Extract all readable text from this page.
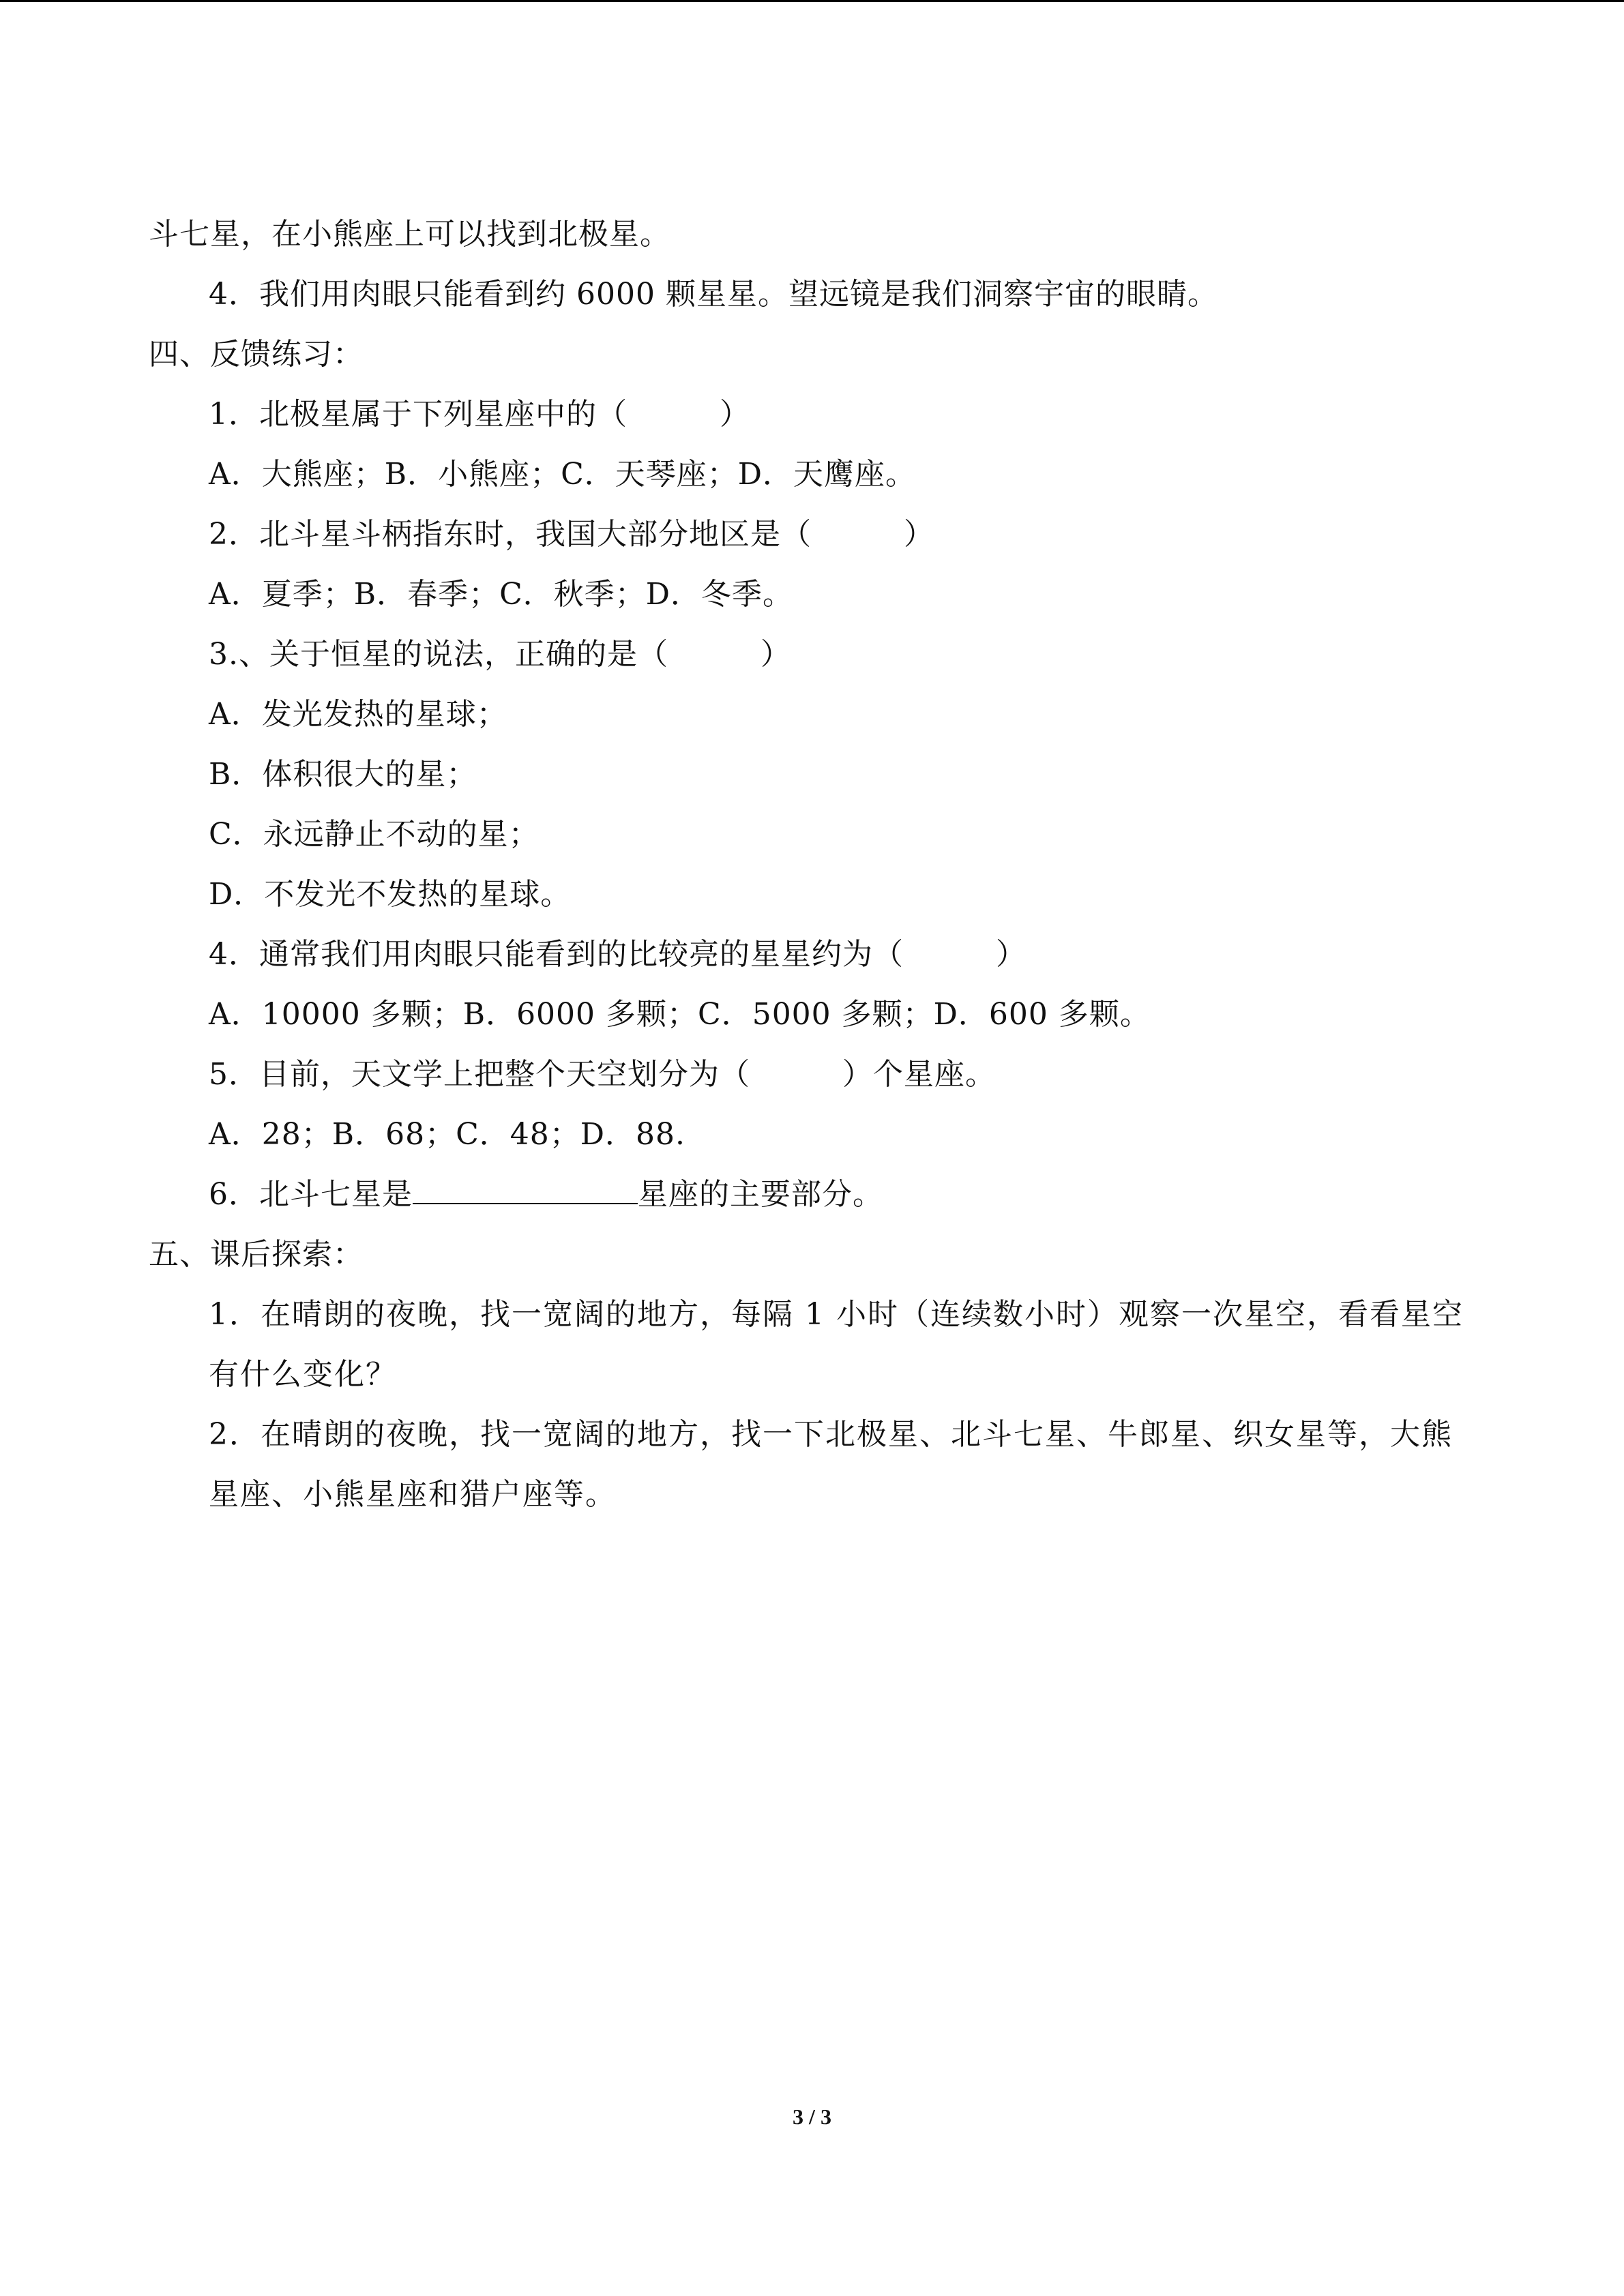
斗七星，在小熊座上可以找到北极星。
4．我们用肉眼只能看到约 6000 颗星星。望远镜是我们洞察宇宙的眼睛。
四、反馈练习：
1．北极星属于下列星座中的（　　　）
A．大熊座；B．小熊座；C．天琴座；D．天鹰座。
2．北斗星斗柄指东时，我国大部分地区是（　　　）
A．夏季；B．春季；C．秋季；D．冬季。
3.、关于恒星的说法，正确的是（　　　）
A．发光发热的星球；
B．体积很大的星；
C．永远静止不动的星；
D．不发光不发热的星球。
4．通常我们用肉眼只能看到的比较亮的星星约为（　　　）
A．10000 多颗；B．6000 多颗；C．5000 多颗；D．600 多颗。
5．目前，天文学上把整个天空划分为（　　　）个星座。
A．28；B．68；C．48；D．88.
6．北斗七星是	星座的主要部分。
五、课后探索：
1．在晴朗的夜晚，找一宽阔的地方，每隔 1 小时（连续数小时）观察一次星空，看看星空有什么变化？
2．在晴朗的夜晚，找一宽阔的地方，找一下北极星、北斗七星、牛郎星、织女星等，大熊星座、小熊星座和猎户座等。
3 / 3
